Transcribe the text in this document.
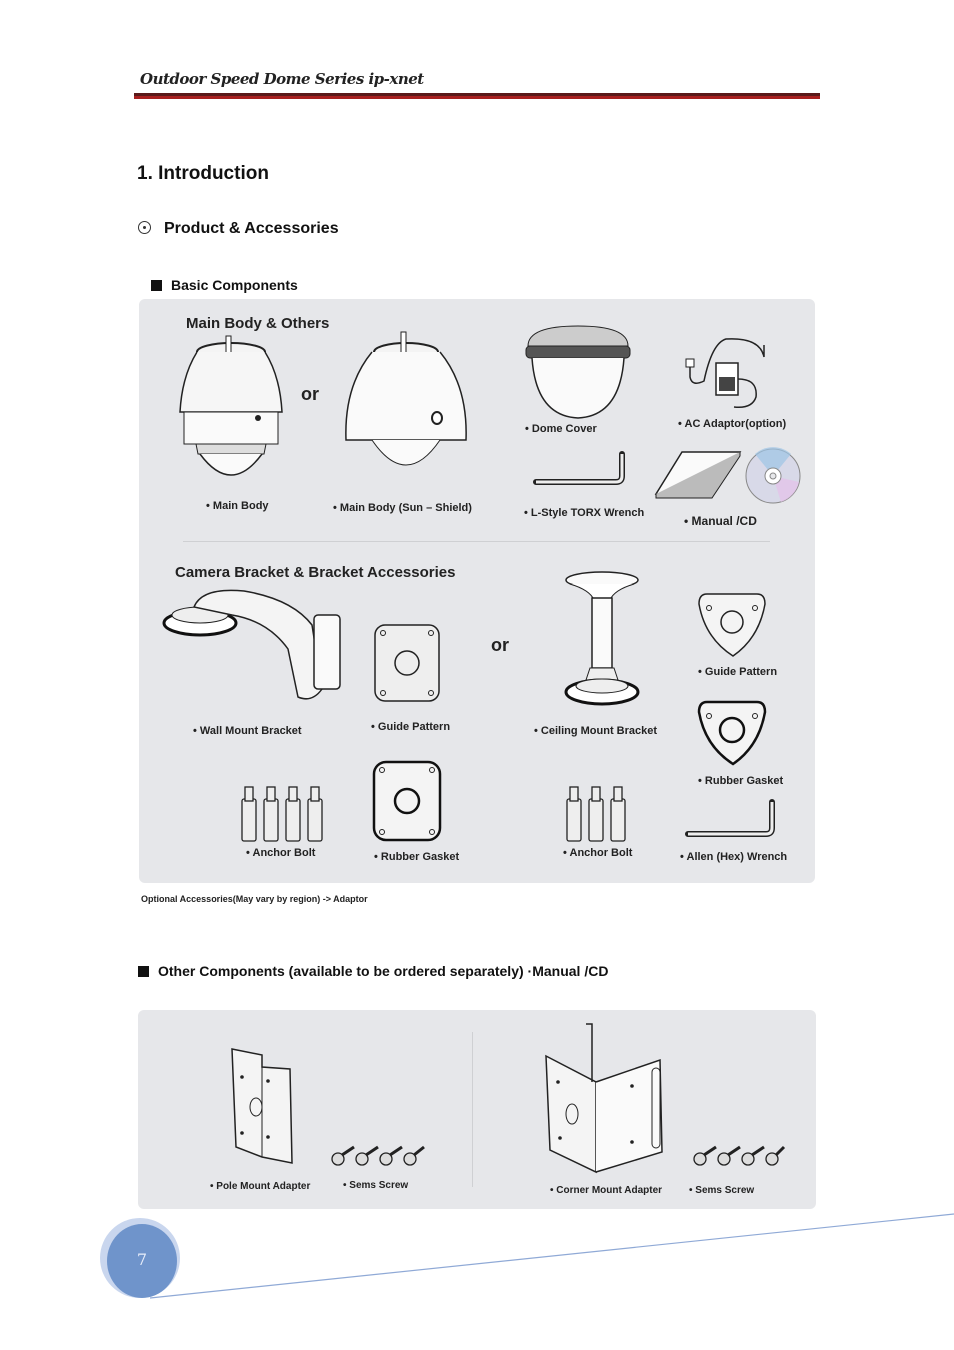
Outdoor Speed Dome Series ip-xnet
1. Introduction
Product & Accessories
Basic Components
Main Body & Others
or
• Main Body	• Main Body (Sun – Shield)
• Dome Cover	• AC Adaptor(option)
• L-Style TORX Wrench
• Manual /CD
Camera Bracket & Bracket Accessories
or
• Wall Mount Bracket	• Guide Pattern	• Ceiling Mount Bracket
• Guide Pattern
• Rubber Gasket
• Anchor Bolt	• Rubber Gasket	• Anchor Bolt	• Allen (Hex) Wrench
Optional Accessories(May vary by region) -> Adaptor
Other Components (available to be ordered separately) ·Manual /CD
• Pole Mount Adapter	• Sems Screw	• Corner Mount Adapter	• Sems Screw
7
